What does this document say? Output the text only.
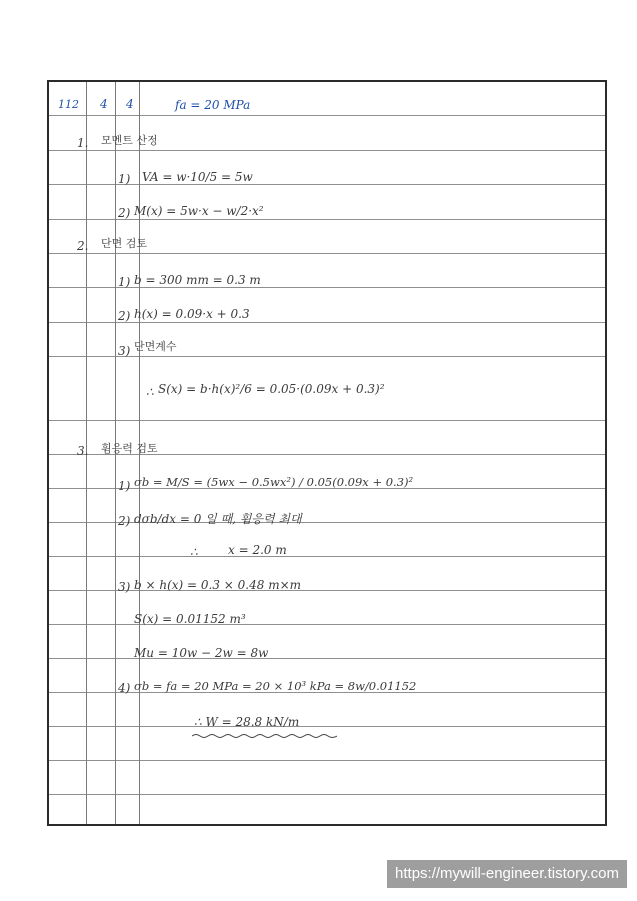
112 4 4	fa = 20 MPa
1. 모멘트 산정
1) VA = w·10/5 = 5w
2) M(x) = 5w·x − w/2·x²
2. 단면 검토
1) b = 300 mm = 0.3 m
2) h(x) = 0.09·x + 0.3
3) 단면계수
∴ S(x) = b·h(x)²/6 = 0.05·(0.09x + 0.3)²
3. 휨응력 검토
1) σb = M/S = (5wx − 0.5wx²) / 0.05(0.09x + 0.3)²
2) dσb/dx = 0 일 때, 휨응력 최대
∴	x = 2.0 m
3) b × h(x) = 0.3 × 0.48 m×m
S(x) = 0.01152 m³
Mu = 10w − 2w = 8w
4) σb = fa = 20 MPa = 20 × 10³ kPa = 8w/0.01152
∴ W = 28.8 kN/m
https://mywill-engineer.tistory.com
